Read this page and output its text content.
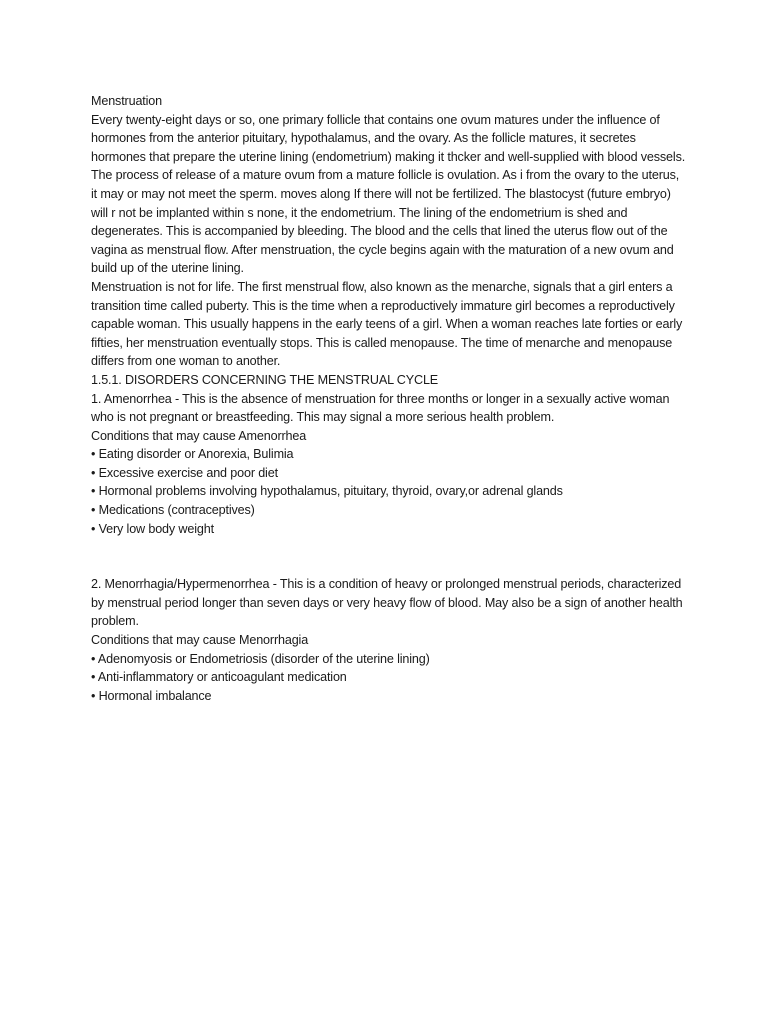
Menstruation

Every twenty-eight days or so, one primary follicle that contains one ovum matures under the influence of hormones from the anterior pituitary, hypothalamus, and the ovary. As the follicle matures, it secretes hormones that prepare the uterine lining (endometrium) making it thcker and well-supplied with blood vessels. The process of release of a mature ovum from a mature follicle is ovulation. As i from the ovary to the uterus, it may or may not meet the sperm. moves along If there will not be fertilized. The blastocyst (future embryo) will r not be implanted within s none, it the endometrium. The lining of the endometrium is shed and degenerates. This is accompanied by bleeding. The blood and the cells that lined the uterus flow out of the vagina as menstrual flow. After menstruation, the cycle begins again with the maturation of a new ovum and build up of the uterine lining.

Menstruation is not for life. The first menstrual flow, also known as the menarche, signals that a girl enters a transition time called puberty. This is the time when a reproductively immature girl becomes a reproductively capable woman. This usually happens in the early teens of a girl. When a woman reaches late forties or early fifties, her menstruation eventually stops. This is called menopause. The time of menarche and menopause differs from one woman to another.

1.5.1. DISORDERS CONCERNING THE MENSTRUAL CYCLE

1. Amenorrhea - This is the absence of menstruation for three months or longer in a sexually active woman who is not pregnant or breastfeeding. This may signal a more serious health problem.

Conditions that may cause Amenorrhea

• Eating disorder or Anorexia, Bulimia

• Excessive exercise and poor diet

• Hormonal problems involving hypothalamus, pituitary, thyroid, ovary,or adrenal glands

• Medications (contraceptives)

• Very low body weight

2. Menorrhagia/Hypermenorrhea - This is a condition of heavy or prolonged menstrual periods, characterized by menstrual period longer than seven days or very heavy flow of blood. May also be a sign of another health problem.

Conditions that may cause Menorrhagia

• Adenomyosis or Endometriosis (disorder of the uterine lining)

• Anti-inflammatory or anticoagulant medication

• Hormonal imbalance
